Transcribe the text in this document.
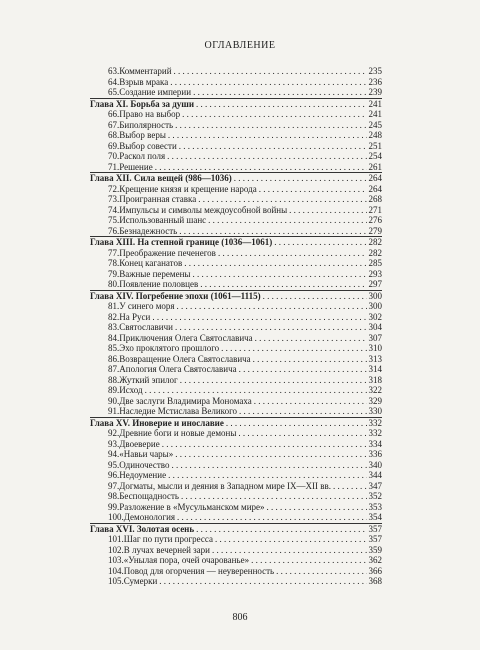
ОГЛАВЛЕНИЕ
63. Комментарий . . .	235
64. Взрыв мрака . . .	236
65. Создание империи . . .	239
Глава XI. Борьба за души . . .	241
66. Право на выбор . . .	241
67. Биполярность . . .	245
68. Выбор веры . . .	248
69. Выбор совести . . .	251
70. Раскол поля . . .	254
71. Решение . . .	261
Глава XII. Сила вещей (986—1036) . . .	264
72. Крещение князя и крещение народа . . .	264
73. Проигранная ставка . . .	268
74. Импульсы и символы междоусобной войны . . .	271
75. Использованный шанс . . .	276
76. Безнадежность . . .	279
Глава XIII. На степной границе (1036—1061) . . .	282
77. Преображение печенегов . . .	282
78. Конец каганатов . . .	285
79. Важные перемены . . .	293
80. Появление половцев . . .	297
Глава XIV. Погребение эпохи (1061—1115) . . .	300
81. У синего моря . . .	300
82. На Руси . . .	302
83. Святославичи . . .	304
84. Приключения Олега Святославича . . .	307
85. Эхо проклятого прошлого . . .	310
86. Возвращение Олега Святославича . . .	313
87. Апология Олега Святославича . . .	314
88. Жуткий эпилог . . .	318
89. Исход . . .	322
90. Две заслуги Владимира Мономаха . . .	329
91. Наследие Мстислава Великого . . .	330
Глава XV. Иноверие и инославие . . .	332
92. Древние боги и новые демоны . . .	332
93. Двоеверие . . .	334
94. «Навьи чары» . . .	336
95. Одиночество . . .	340
96. Недоумение . . .	344
97. Догматы, мысли и деяния в Западном мире IX—XII вв. . . .	347
98. Беспощадность . . .	352
99. Разложение в «Мусульманском мире» . . .	353
100. Демонология . . .	354
Глава XVI. Золотая осень . . .	357
101. Шаг по пути прогресса . . .	357
102. В лучах вечерней зари . . .	359
103. «Унылая пора, очей очарованье» . . .	362
104. Повод для огорчения — неуверенность . . .	366
105. Сумерки . . .	368
806
